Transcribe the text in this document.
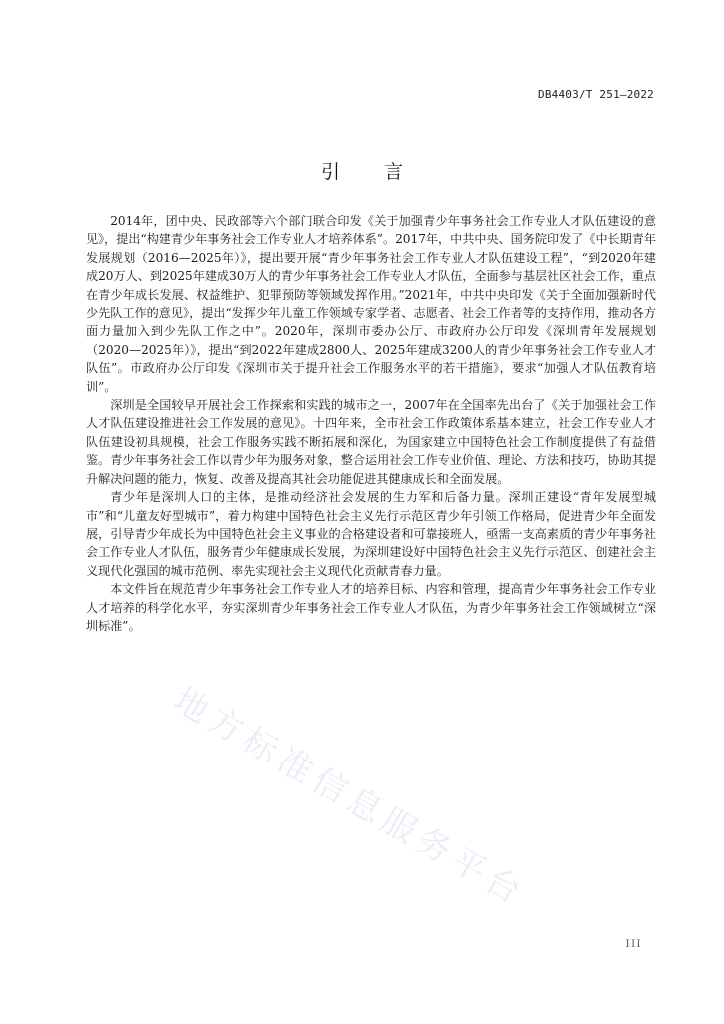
DB4403/T 251—2022
引言

2014年，团中央、民政部等六个部门联合印发《关于加强青少年事务社会工作专业人才队伍建设的意见》，提出“构建青少年事务社会工作专业人才培养体系”。2017年，中共中央、国务院印发了《中长期青年发展规划（2016—2025年）》，提出要开展“青少年事务社会工作专业人才队伍建设工程”，“到2020年建成20万人、到2025年建成30万人的青少年事务社会工作专业人才队伍，全面参与基层社区社会工作，重点在青少年成长发展、权益维护、犯罪预防等领域发挥作用。”2021年，中共中央印发《关于全面加强新时代少先队工作的意见》，提出“发挥少年儿童工作领域专家学者、志愿者、社会工作者等的支持作用，推动各方面力量加入到少先队工作之中”。2020年，深圳市委办公厅、市政府办公厅印发《深圳青年发展规划（2020—2025年）》，提出“到2022年建成2800人、2025年建成3200人的青少年事务社会工作专业人才队伍”。市政府办公厅印发《深圳市关于提升社会工作服务水平的若干措施》，要求“加强人才队伍教育培训”。

深圳是全国较早开展社会工作探索和实践的城市之一，2007年在全国率先出台了《关于加强社会工作人才队伍建设推进社会工作发展的意见》。十四年来，全市社会工作政策体系基本建立，社会工作专业人才队伍建设初具规模，社会工作服务实践不断拓展和深化，为国家建立中国特色社会工作制度提供了有益借鉴。青少年事务社会工作以青少年为服务对象，整合运用社会工作专业价值、理论、方法和技巧，协助其提升解决问题的能力，恢复、改善及提高其社会功能促进其健康成长和全面发展。

青少年是深圳人口的主体，是推动经济社会发展的生力军和后备力量。深圳正建设“青年发展型城市”和“儿童友好型城市”，着力构建中国特色社会主义先行示范区青少年引领工作格局，促进青少年全面发展，引导青少年成长为中国特色社会主义事业的合格建设者和可靠接班人，亟需一支高素质的青少年事务社会工作专业人才队伍，服务青少年健康成长发展，为深圳建设好中国特色社会主义先行示范区、创建社会主义现代化强国的城市范例、率先实现社会主义现代化贡献青春力量。

本文件旨在规范青少年事务社会工作专业人才的培养目标、内容和管理，提高青少年事务社会工作专业人才培养的科学化水平，夯实深圳青少年事务社会工作专业人才队伍，为青少年事务社会工作领域树立“深圳标准”。

地方标准信息服务平台
III
